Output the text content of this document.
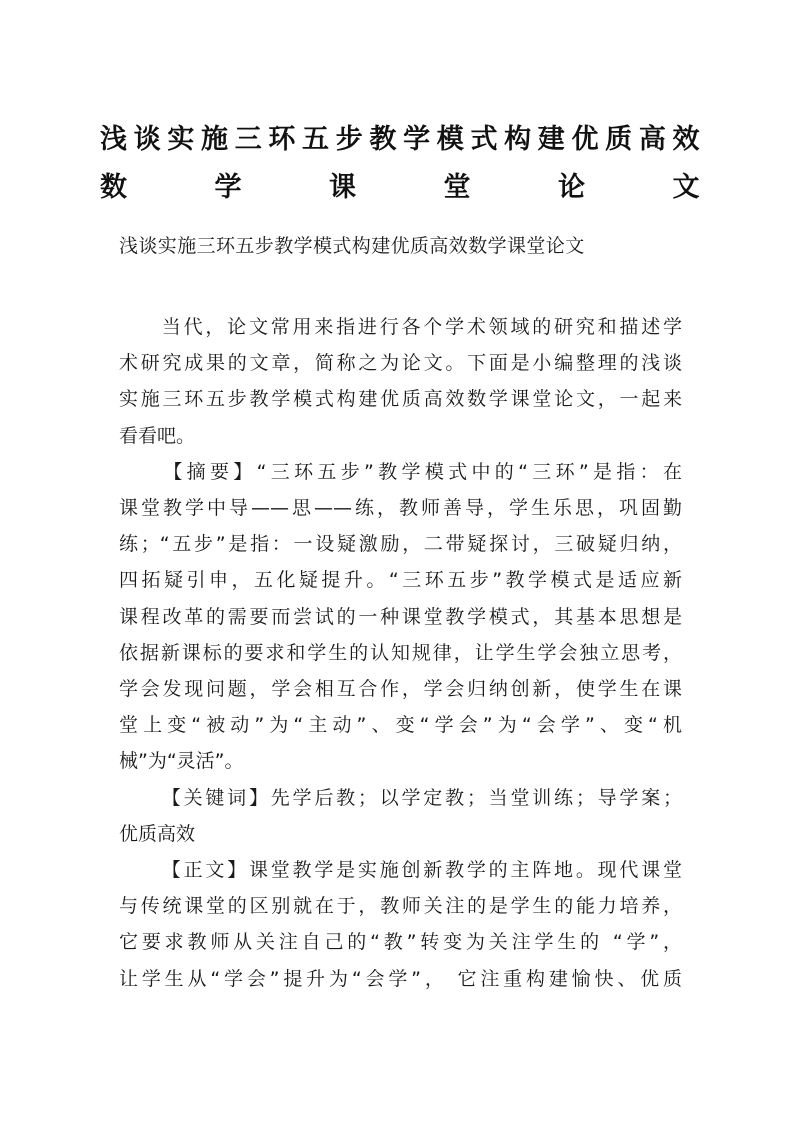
浅谈实施三环五步教学模式构建优质高效
数学课堂论文
浅谈实施三环五步教学模式构建优质高效数学课堂论文
当代，论文常用来指进行各个学术领域的研究和描述学
术研究成果的文章，简称之为论文。下面是小编整理的浅谈
实施三环五步教学模式构建优质高效数学课堂论文，一起来
看看吧。
【摘要】“三环五步”教学模式中的“三环”是指：在
课堂教学中导——思——练，教师善导，学生乐思，巩固勤
练；“五步”是指：一设疑激励，二带疑探讨，三破疑归纳，
四拓疑引申，五化疑提升。“三环五步”教学模式是适应新
课程改革的需要而尝试的一种课堂教学模式，其基本思想是
依据新课标的要求和学生的认知规律，让学生学会独立思考，
学会发现问题，学会相互合作，学会归纳创新，使学生在课
堂上变“被动”为“主动”、变“学会”为“会学”、变“机
械”为“灵活”。
【关键词】先学后教；以学定教；当堂训练；导学案；
优质高效
【正文】课堂教学是实施创新教学的主阵地。现代课堂
与传统课堂的区别就在于，教师关注的是学生的能力培养，
它要求教师从关注自己的“教”转变为关注学生的 “学”，
让学生从“学会”提升为“会学”， 它注重构建愉快、优质
